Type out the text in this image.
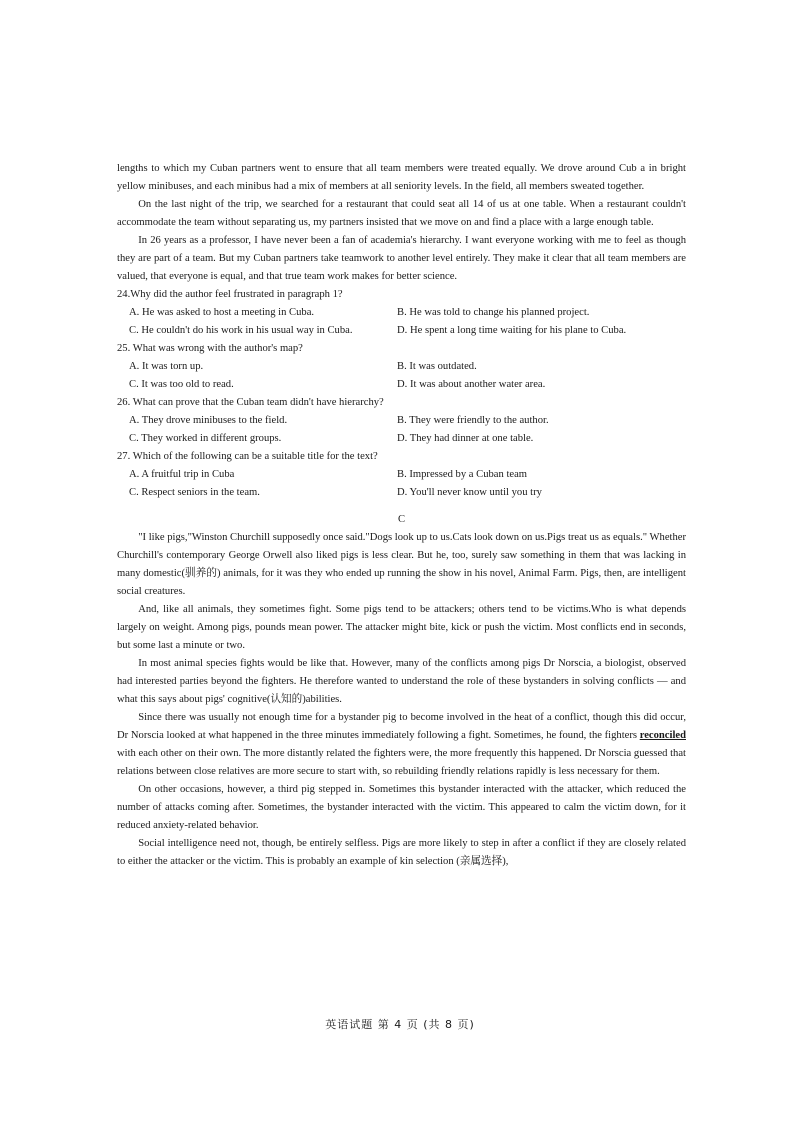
lengths to which my Cuban partners went to ensure that all team members were treated equally. We drove around Cub a in bright yellow minibuses, and each minibus had a mix of members at all seniority levels. In the field, all members sweated together.

On the last night of the trip, we searched for a restaurant that could seat all 14 of us at one table. When a restaurant couldn't accommodate the team without separating us, my partners insisted that we move on and find a place with a large enough table.

In 26 years as a professor, I have never been a fan of academia's hierarchy. I want everyone working with me to feel as though they are part of a team. But my Cuban partners take teamwork to another level entirely. They make it clear that all team members are valued, that everyone is equal, and that true team work makes for better science.

24.Why did the author feel frustrated in paragraph 1?
A. He was asked to host a meeting in Cuba.	B. He was told to change his planned project.
C. He couldn't do his work in his usual way in Cuba.	D. He spent a long time waiting for his plane to Cuba.
25. What was wrong with the author's map?
A. It was torn up.	B. It was outdated.
C. It was too old to read.	D. It was about another water area.
26. What can prove that the Cuban team didn't have hierarchy?
A. They drove minibuses to the field.	B. They were friendly to the author.
C. They worked in different groups.	D. They had dinner at one table.
27. Which of the following can be a suitable title for the text?
A. A fruitful trip in Cuba	B. Impressed by a Cuban team
C. Respect seniors in the team.	D. You'll never know until you try
C

"I like pigs,"Winston Churchill supposedly once said."Dogs look up to us.Cats look down on us.Pigs treat us as equals." Whether Churchill's contemporary George Orwell also liked pigs is less clear. But he, too, surely saw something in them that was lacking in many domestic(驯养的) animals, for it was they who ended up running the show in his novel, Animal Farm. Pigs, then, are intelligent social creatures.

And, like all animals, they sometimes fight. Some pigs tend to be attackers; others tend to be victims.Who is what depends largely on weight. Among pigs, pounds mean power. The attacker might bite, kick or push the victim. Most conflicts end in seconds, but some last a minute or two.

In most animal species fights would be like that. However, many of the conflicts among pigs Dr Norscia, a biologist, observed had interested parties beyond the fighters. He therefore wanted to understand the role of these bystanders in solving conflicts — and what this says about pigs' cognitive(认知的)abilities.

Since there was usually not enough time for a bystander pig to become involved in the heat of a conflict, though this did occur, Dr Norscia looked at what happened in the three minutes immediately following a fight. Sometimes, he found, the fighters reconciled with each other on their own. The more distantly related the fighters were, the more frequently this happened. Dr Norscia guessed that relations between close relatives are more secure to start with, so rebuilding friendly relations rapidly is less necessary for them.

On other occasions, however, a third pig stepped in. Sometimes this bystander interacted with the attacker, which reduced the number of attacks coming after. Sometimes, the bystander interacted with the victim. This appeared to calm the victim down, for it reduced anxiety-related behavior.

Social intelligence need not, though, be entirely selfless. Pigs are more likely to step in after a conflict if they are closely related to either the attacker or the victim. This is probably an example of kin selection (亲属选择),

英语试题 第 4 页 (共 8 页)
